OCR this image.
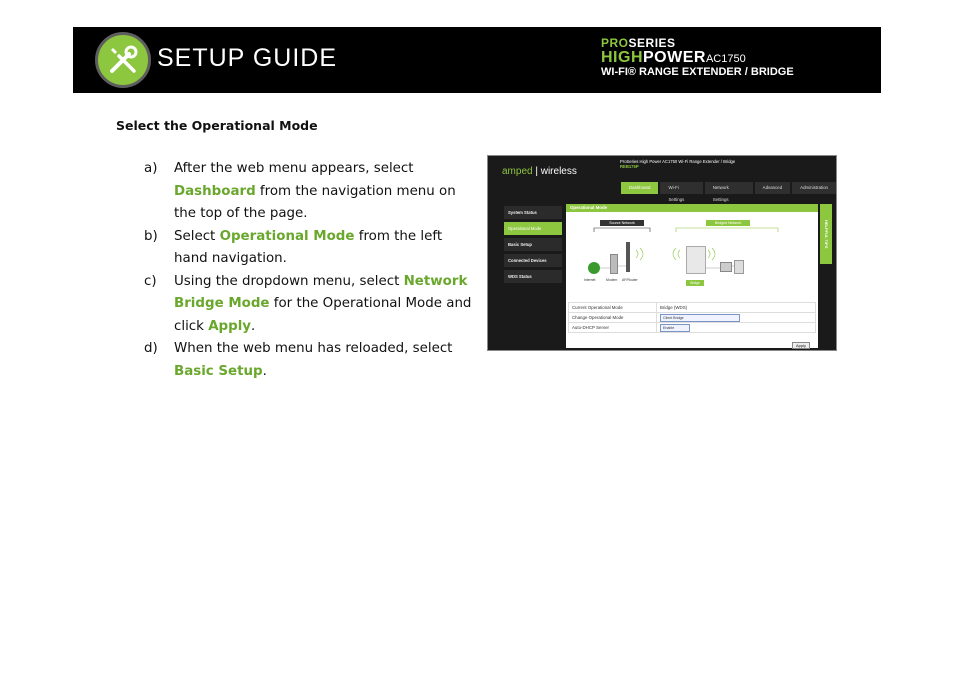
SETUP GUIDE
PROSERIES
HIGHPOWERAC1750
WI-FI® RANGE EXTENDER / BRIDGE
Select the Operational Mode
a) After the web menu appears, select Dashboard from the navigation menu on the top of the page.
b) Select Operational Mode from the left hand navigation.
c) Using the dropdown menu, select Network Bridge Mode for the Operational Mode and click Apply.
d) When the web menu has reloaded, select Basic Setup.
amped | wireless
ProSeries High Power AC1750 Wi-Fi Range Extender / Bridge
REB175P
Dashboard	Wi-Fi Settings
Network Settings
Advanced	Administration
System Status
Operational Mode
Basic Setup
Connected Devices
WDS Status
Operational Mode
Source Network	Bridged Network
Internet	Modem AP/Router
Bridge
Current Operational Mode	Bridge (WDS)
Change Operational Mode	Client Bridge
Auto-DHCP Server	Enable
Apply
HELPFUL TIPS
